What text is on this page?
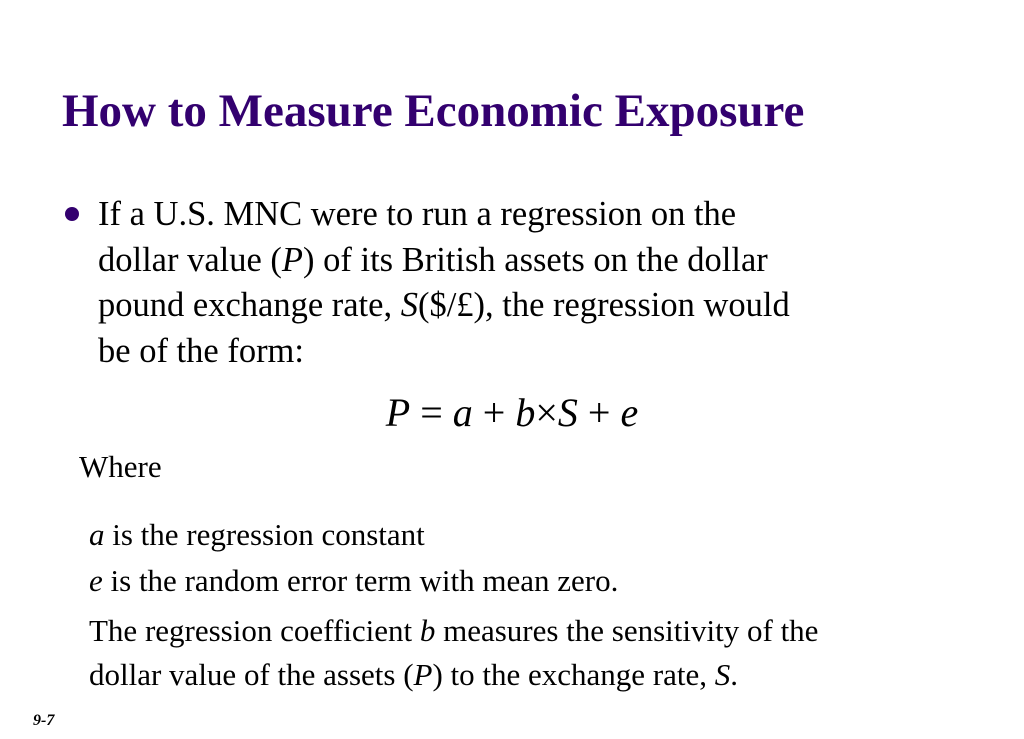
How to Measure Economic Exposure
If a U.S. MNC were to run a regression on the
dollar value (P) of its British assets on the dollar
pound exchange rate, S($/£), the regression would
be of the form:
P = a + b×S + e
Where
a is the regression constant
e is the random error term with mean zero.
The regression coefficient b measures the sensitivity of the
dollar value of the assets (P) to the exchange rate, S.
9-7
